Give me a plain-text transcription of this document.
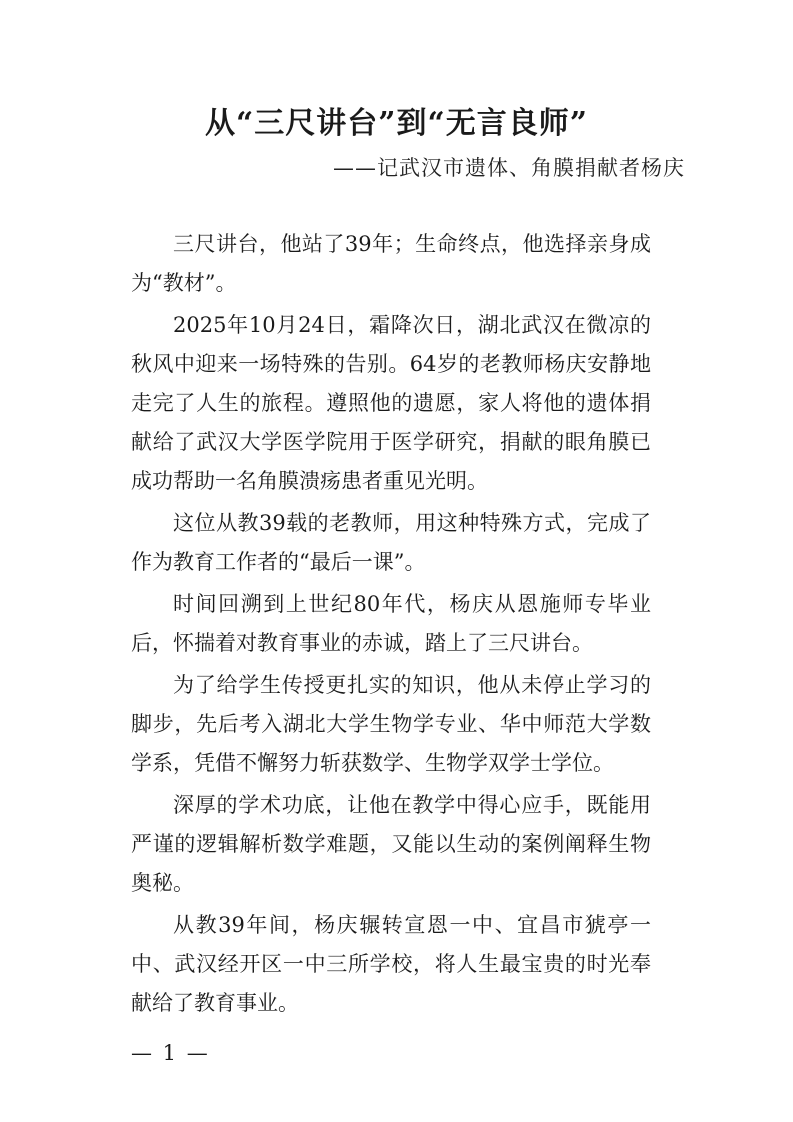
从“三尺讲台”到“无言良师”
——记武汉市遗体、角膜捐献者杨庆

三尺讲台，他站了39年；生命终点，他选择亲身成为“教材”。

2025年10月24日，霜降次日，湖北武汉在微凉的秋风中迎来一场特殊的告别。64岁的老教师杨庆安静地走完了人生的旅程。遵照他的遗愿，家人将他的遗体捐献给了武汉大学医学院用于医学研究，捐献的眼角膜已成功帮助一名角膜溃疡患者重见光明。

这位从教39载的老教师，用这种特殊方式，完成了作为教育工作者的“最后一课”。

时间回溯到上世纪80年代，杨庆从恩施师专毕业后，怀揣着对教育事业的赤诚，踏上了三尺讲台。

为了给学生传授更扎实的知识，他从未停止学习的脚步，先后考入湖北大学生物学专业、华中师范大学数学系，凭借不懈努力斩获数学、生物学双学士学位。

深厚的学术功底，让他在教学中得心应手，既能用严谨的逻辑解析数学难题，又能以生动的案例阐释生物奥秘。

从教39年间，杨庆辗转宣恩一中、宜昌市猇亭一中、武汉经开区一中三所学校，将人生最宝贵的时光奉献给了教育事业。

— 1 —
